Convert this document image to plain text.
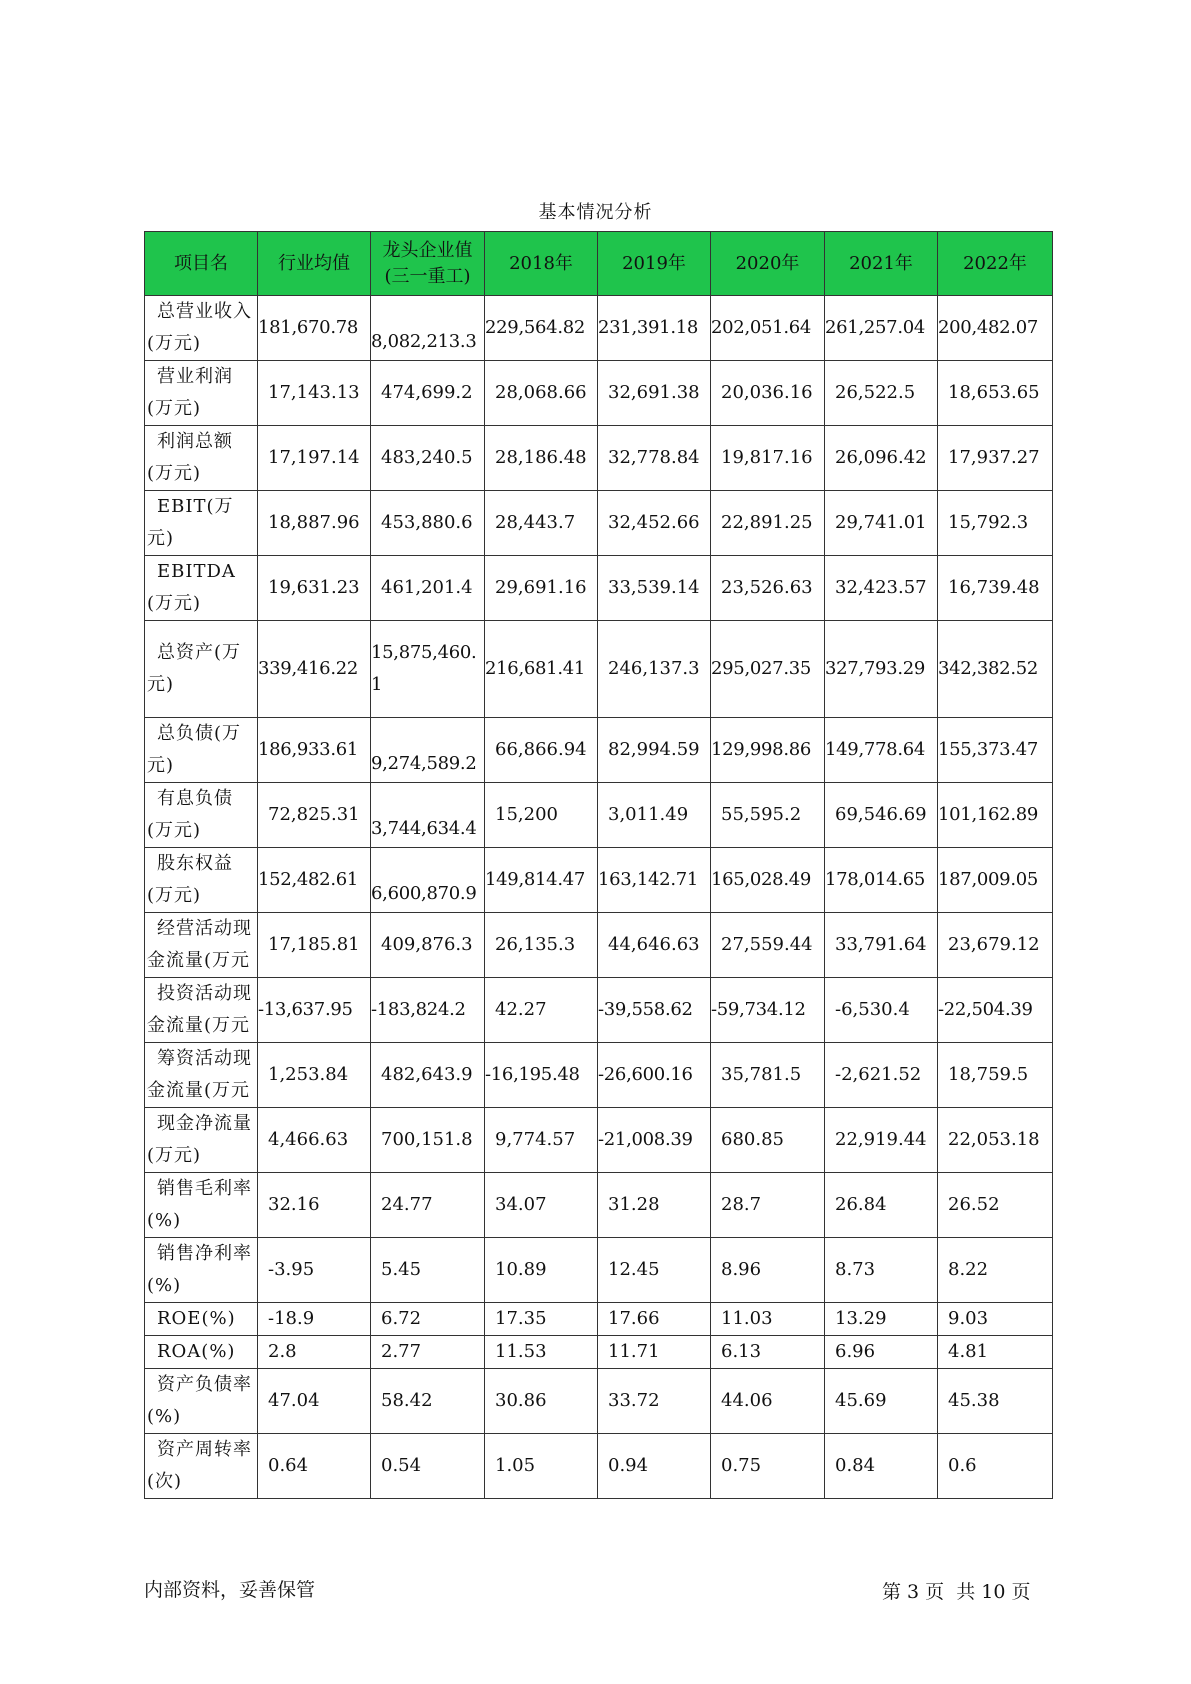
基本情况分析
项目名	行业均值	龙头企业值(三一重工)	2018年	2019年	2020年	2021年	2022年
总营业收入(万元)	181,670.78	8,082,213.3	229,564.82	231,391.18	202,051.64	261,257.04	200,482.07
营业利润(万元)	17,143.13	474,699.2	28,068.66	32,691.38	20,036.16	26,522.5	18,653.65
利润总额(万元)	17,197.14	483,240.5	28,186.48	32,778.84	19,817.16	26,096.42	17,937.27
EBIT(万元)	18,887.96	453,880.6	28,443.7	32,452.66	22,891.25	29,741.01	15,792.3
EBITDA(万元)	19,631.23	461,201.4	29,691.16	33,539.14	23,526.63	32,423.57	16,739.48
总资产(万元)	339,416.22	15,875,460.1	216,681.41	246,137.3	295,027.35	327,793.29	342,382.52
总负债(万元)	186,933.61	9,274,589.2	66,866.94	82,994.59	129,998.86	149,778.64	155,373.47
有息负债(万元)	72,825.31	3,744,634.4	15,200	3,011.49	55,595.2	69,546.69	101,162.89
股东权益(万元)	152,482.61	6,600,870.9	149,814.47	163,142.71	165,028.49	178,014.65	187,009.05
经营活动现金流量(万元	17,185.81	409,876.3	26,135.3	44,646.63	27,559.44	33,791.64	23,679.12
投资活动现金流量(万元	-13,637.95	-183,824.2	42.27	-39,558.62	-59,734.12	-6,530.4	-22,504.39
筹资活动现金流量(万元	1,253.84	482,643.9	-16,195.48	-26,600.16	35,781.5	-2,621.52	18,759.5
现金净流量(万元)	4,466.63	700,151.8	9,774.57	-21,008.39	680.85	22,919.44	22,053.18
销售毛利率(%)	32.16	24.77	34.07	31.28	28.7	26.84	26.52
销售净利率(%)	-3.95	5.45	10.89	12.45	8.96	8.73	8.22
ROE(%)	-18.9	6.72	17.35	17.66	11.03	13.29	9.03
ROA(%)	2.8	2.77	11.53	11.71	6.13	6.96	4.81
资产负债率(%)	47.04	58.42	30.86	33.72	44.06	45.69	45.38
资产周转率(次)	0.64	0.54	1.05	0.94	0.75	0.84	0.6
内部资料，妥善保管	第 3 页  共 10 页
